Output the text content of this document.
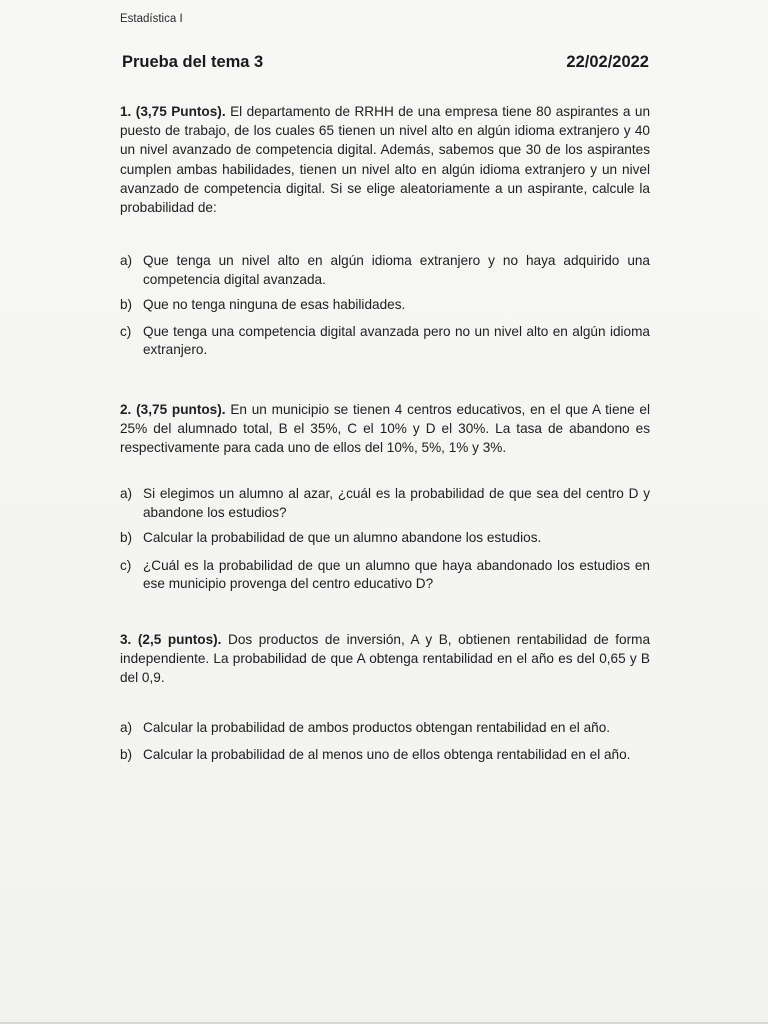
Estadística I
Prueba del tema 3	22/02/2022
1. (3,75 Puntos). El departamento de RRHH de una empresa tiene 80 aspirantes a un puesto de trabajo, de los cuales 65 tienen un nivel alto en algún idioma extranjero y 40 un nivel avanzado de competencia digital. Además, sabemos que 30 de los aspirantes cumplen ambas habilidades, tienen un nivel alto en algún idioma extranjero y un nivel avanzado de competencia digital. Si se elige aleatoriamente a un aspirante, calcule la probabilidad de:
a) Que tenga un nivel alto en algún idioma extranjero y no haya adquirido una competencia digital avanzada.
b) Que no tenga ninguna de esas habilidades.
c) Que tenga una competencia digital avanzada pero no un nivel alto en algún idioma extranjero.
2. (3,75 puntos). En un municipio se tienen 4 centros educativos, en el que A tiene el 25% del alumnado total, B el 35%, C el 10% y D el 30%. La tasa de abandono es respectivamente para cada uno de ellos del 10%, 5%, 1% y 3%.
a) Si elegimos un alumno al azar, ¿cuál es la probabilidad de que sea del centro D y abandone los estudios?
b) Calcular la probabilidad de que un alumno abandone los estudios.
c) ¿Cuál es la probabilidad de que un alumno que haya abandonado los estudios en ese municipio provenga del centro educativo D?
3. (2,5 puntos). Dos productos de inversión, A y B, obtienen rentabilidad de forma independiente. La probabilidad de que A obtenga rentabilidad en el año es del 0,65 y B del 0,9.
a) Calcular la probabilidad de ambos productos obtengan rentabilidad en el año.
b) Calcular la probabilidad de al menos uno de ellos obtenga rentabilidad en el año.
